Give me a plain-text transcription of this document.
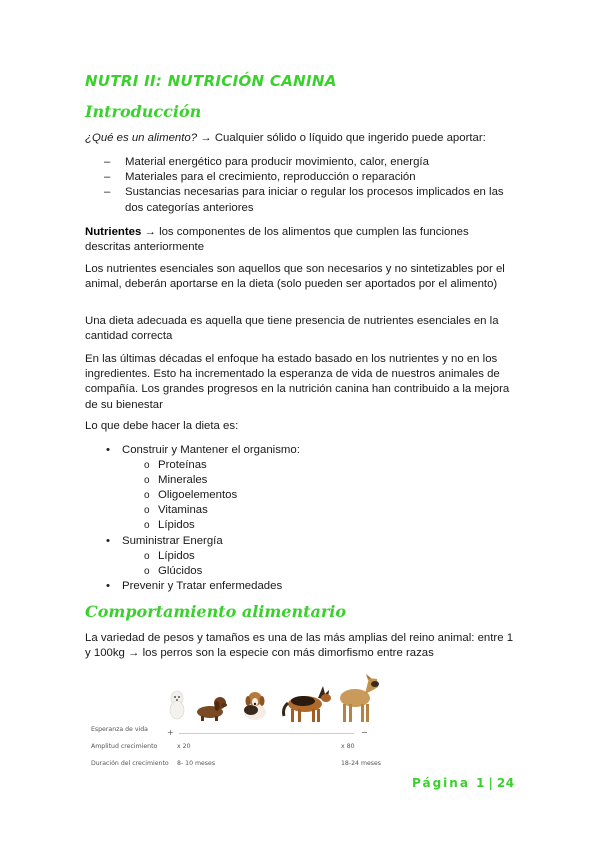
NUTRI II: NUTRICIÓN CANINA
Introducción
¿Qué es un alimento? → Cualquier sólido o líquido que ingerido puede aportar:
– Material energético para producir movimiento, calor, energía
– Materiales para el crecimiento, reproducción o reparación
– Sustancias necesarias para iniciar o regular los procesos implicados en las dos categorías anteriores
Nutrientes → los componentes de los alimentos que cumplen las funciones descritas anteriormente
Los nutrientes esenciales son aquellos que son necesarios y no sintetizables por el animal, deberán aportarse en la dieta (solo pueden ser aportados por el alimento)
Una dieta adecuada es aquella que tiene presencia de nutrientes esenciales en la cantidad correcta
En las últimas décadas el enfoque ha estado basado en los nutrientes y no en los ingredientes. Esto ha incrementado la esperanza de vida de nuestros animales de compañía. Los grandes progresos en la nutrición canina han contribuido a la mejora de su bienestar
Lo que debe hacer la dieta es:
• Construir y Mantener el organismo:
o Proteínas
o Minerales
o Oligoelementos
o Vitaminas
o Lípidos
• Suministrar Energía
o Lípidos
o Glúcidos
• Prevenir y Tratar enfermedades
Comportamiento alimentario
La variedad de pesos y tamaños es una de las más amplias del reino animal: entre 1 y 100kg → los perros son la especie con más dimorfismo entre razas
Esperanza de vida +	−
Amplitud crecimiento	x 20	x 80
Duración del crecimiento 8- 10 meses	18-24 meses
Página 1 | 24
